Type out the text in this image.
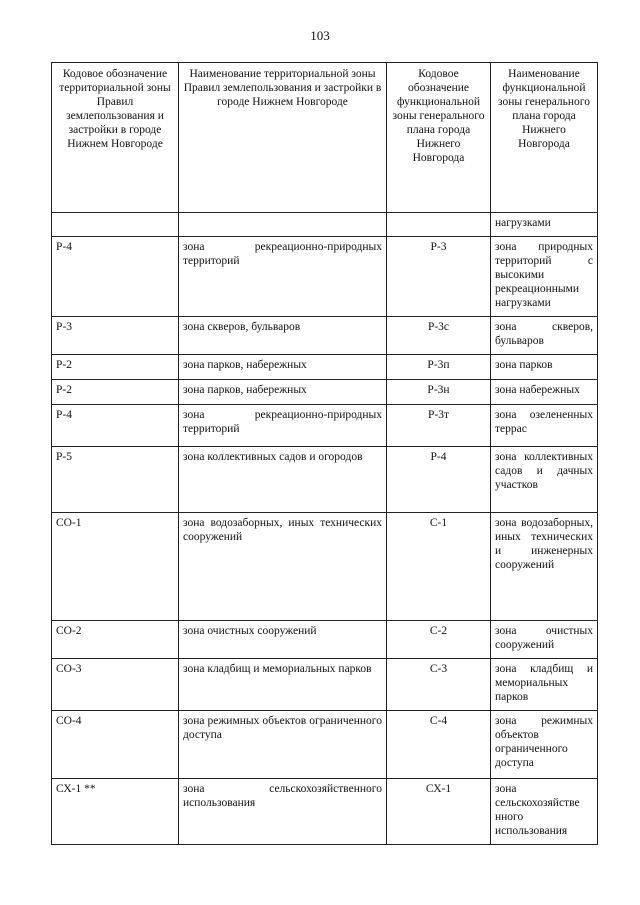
103
Кодовое обозначение территориальной зоны Правил землепользования и застройки в городе Нижнем Новгороде	Наименование территориальной зоны Правил землепользования и застройки в городе Нижнем Новгороде	Кодовое обозначение функциональной зоны генерального плана города Нижнего Новгорода	Наименование функциональной зоны генерального плана города Нижнего Новгорода
			нагрузками
Р-4	зона рекреационно-природных территорий	Р-3	зона природных территорий с высокими рекреационными нагрузками
Р-3	зона скверов, бульваров	Р-3с	зона скверов, бульваров
Р-2	зона парков, набережных	Р-3п	зона парков
Р-2	зона парков, набережных	Р-3н	зона набережных
Р-4	зона рекреационно-природных территорий	Р-3т	зона озелененных террас
Р-5	зона коллективных садов и огородов	Р-4	зона коллективных садов и дачных участков
СО-1	зона водозаборных, иных технических сооружений	С-1	зона водозаборных, иных технических и инженерных сооружений
СО-2	зона очистных сооружений	С-2	зона очистных сооружений
СО-3	зона кладбищ и мемориальных парков	С-3	зона кладбищ и мемориальных парков
СО-4	зона режимных объектов ограниченного доступа	С-4	зона режимных объектов ограниченного доступа
СХ-1 **	зона сельскохозяйственного использования	СХ-1	зона сельскохозяйстве нного использования
